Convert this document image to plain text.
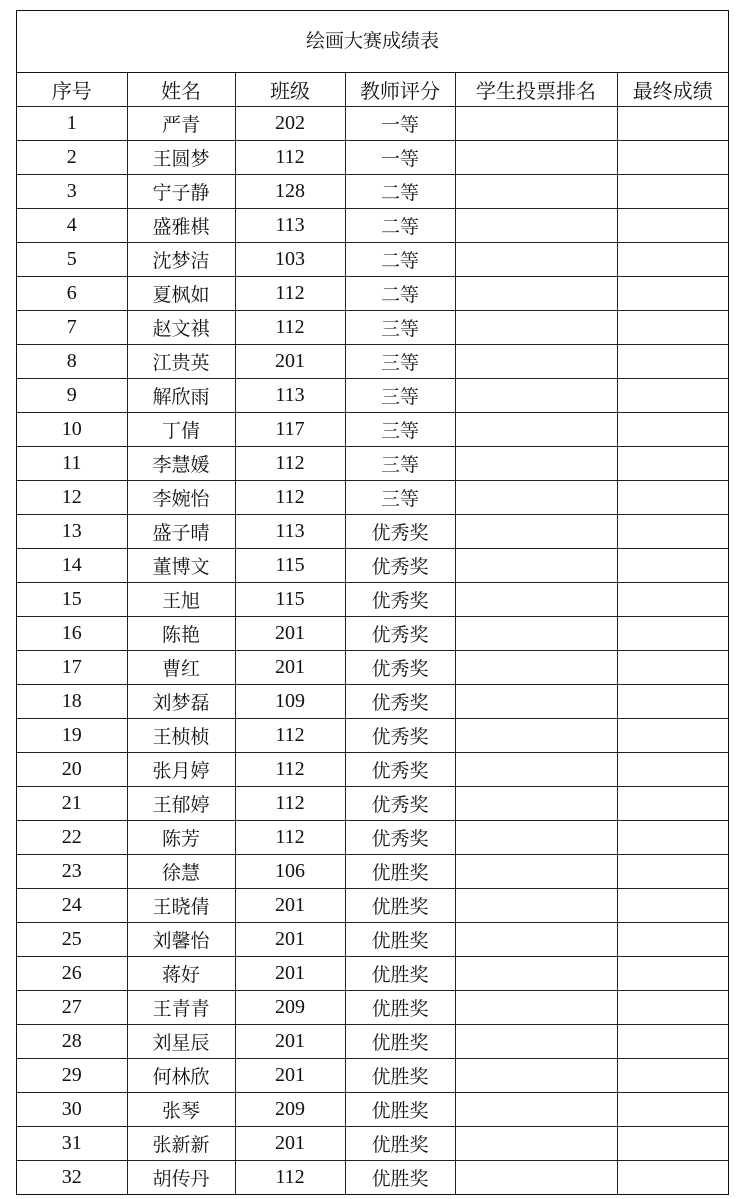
绘画大赛成绩表
序号	姓名	班级	教师评分	学生投票排名	最终成绩
1	严青	202	一等		
2	王圆梦	112	一等		
3	宁子静	128	二等		
4	盛雅棋	113	二等		
5	沈梦洁	103	二等		
6	夏枫如	112	二等		
7	赵文祺	112	三等		
8	江贵英	201	三等		
9	解欣雨	113	三等		
10	丁倩	117	三等		
11	李慧媛	112	三等		
12	李婉怡	112	三等		
13	盛子晴	113	优秀奖		
14	董博文	115	优秀奖		
15	王旭	115	优秀奖		
16	陈艳	201	优秀奖		
17	曹红	201	优秀奖		
18	刘梦磊	109	优秀奖		
19	王桢桢	112	优秀奖		
20	张月婷	112	优秀奖		
21	王郁婷	112	优秀奖		
22	陈芳	112	优秀奖		
23	徐慧	106	优胜奖		
24	王晓倩	201	优胜奖		
25	刘馨怡	201	优胜奖		
26	蒋好	201	优胜奖		
27	王青青	209	优胜奖		
28	刘星辰	201	优胜奖		
29	何林欣	201	优胜奖		
30	张琴	209	优胜奖		
31	张新新	201	优胜奖		
32	胡传丹	112	优胜奖		
